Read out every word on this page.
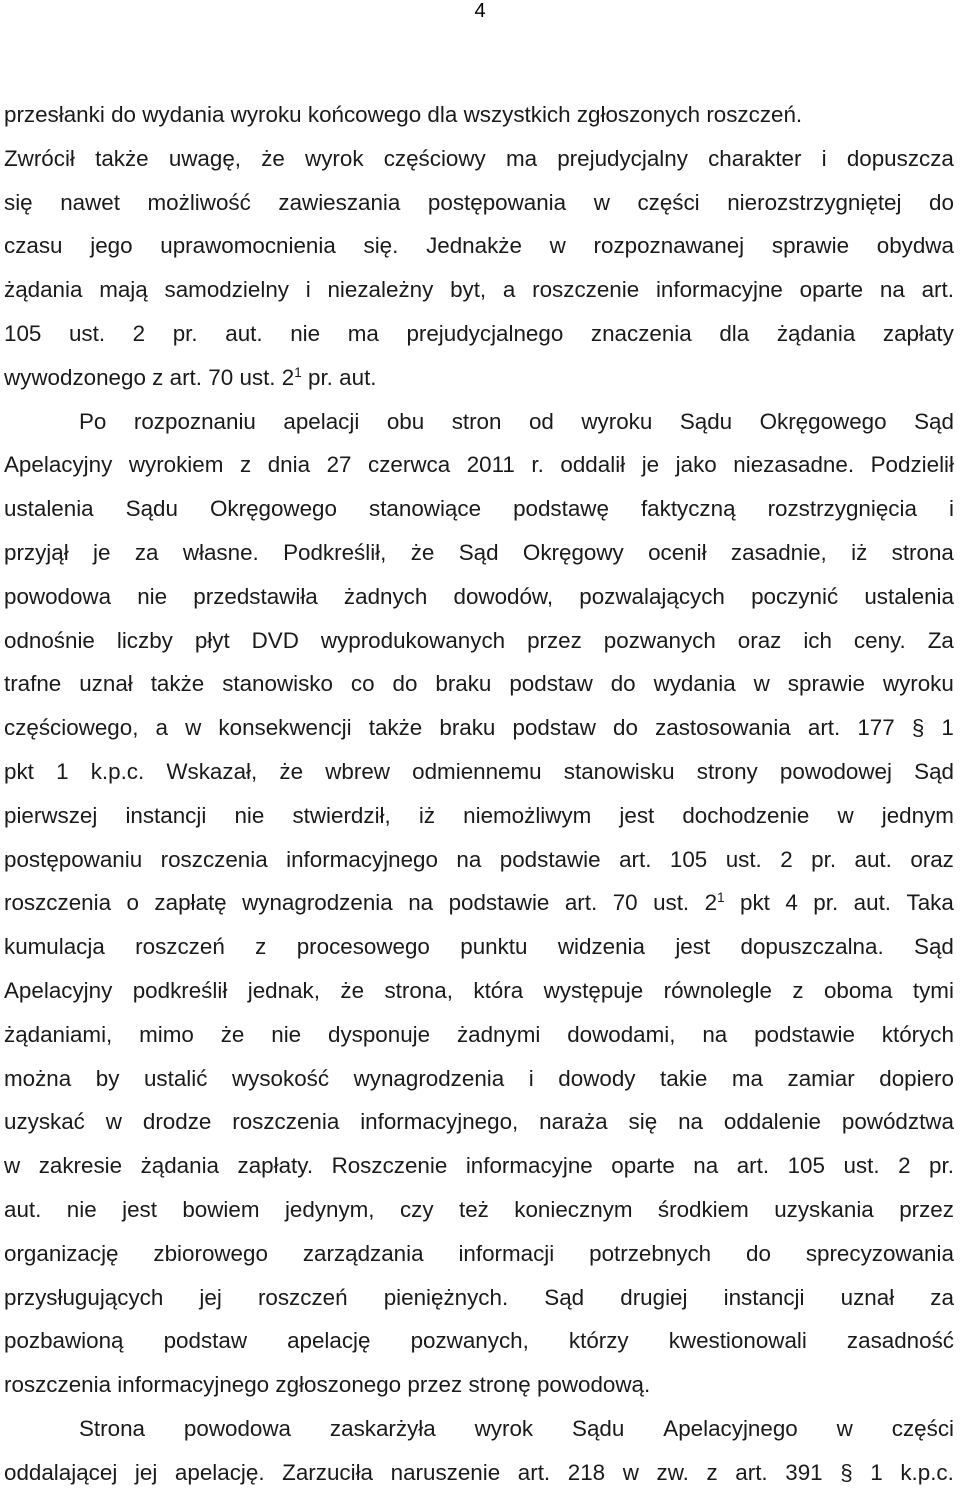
4
przesłanki do wydania wyroku końcowego dla wszystkich zgłoszonych roszczeń.
Zwrócił także uwagę, że wyrok częściowy ma prejudycjalny charakter i dopuszcza
się nawet możliwość zawieszania postępowania w części nierozstrzygniętej do
czasu jego uprawomocnienia się. Jednakże w rozpoznawanej sprawie obydwa
żądania mają samodzielny i niezależny byt, a roszczenie informacyjne oparte na art.
105 ust. 2 pr. aut. nie ma prejudycjalnego znaczenia dla żądania zapłaty
wywodzonego z art. 70 ust. $2^1$ pr. aut.
Po rozpoznaniu apelacji obu stron od wyroku Sądu Okręgowego Sąd
Apelacyjny wyrokiem z dnia 27 czerwca 2011 r. oddalił je jako niezasadne. Podzielił
ustalenia Sądu Okręgowego stanowiące podstawę faktyczną rozstrzygnięcia i
przyjął je za własne. Podkreślił, że Sąd Okręgowy ocenił zasadnie, iż strona
powodowa nie przedstawiła żadnych dowodów, pozwalających poczynić ustalenia
odnośnie liczby płyt DVD wyprodukowanych przez pozwanych oraz ich ceny. Za
trafne uznał także stanowisko co do braku podstaw do wydania w sprawie wyroku
częściowego, a w konsekwencji także braku podstaw do zastosowania art. 177 § 1
pkt 1 k.p.c. Wskazał, że wbrew odmiennemu stanowisku strony powodowej Sąd
pierwszej instancji nie stwierdził, iż niemożliwym jest dochodzenie w jednym
postępowaniu roszczenia informacyjnego na podstawie art. 105 ust. 2 pr. aut. oraz
roszczenia o zapłatę wynagrodzenia na podstawie art. 70 ust. $2^1$ pkt 4 pr. aut. Taka
kumulacja roszczeń z procesowego punktu widzenia jest dopuszczalna. Sąd
Apelacyjny podkreślił jednak, że strona, która występuje równolegle z oboma tymi
żądaniami, mimo że nie dysponuje żadnymi dowodami, na podstawie których
można by ustalić wysokość wynagrodzenia i dowody takie ma zamiar dopiero
uzyskać w drodze roszczenia informacyjnego, naraża się na oddalenie powództwa
w zakresie żądania zapłaty. Roszczenie informacyjne oparte na art. 105 ust. 2 pr.
aut. nie jest bowiem jedynym, czy też koniecznym środkiem uzyskania przez
organizację zbiorowego zarządzania informacji potrzebnych do sprecyzowania
przysługujących jej roszczeń pieniężnych. Sąd drugiej instancji uznał za
pozbawioną podstaw apelację pozwanych, którzy kwestionowali zasadność
roszczenia informacyjnego zgłoszonego przez stronę powodową.
Strona powodowa zaskarżyła wyrok Sądu Apelacyjnego w części
oddalającej jej apelację. Zarzuciła naruszenie art. 218 w zw. z art. 391 § 1 k.p.c.
